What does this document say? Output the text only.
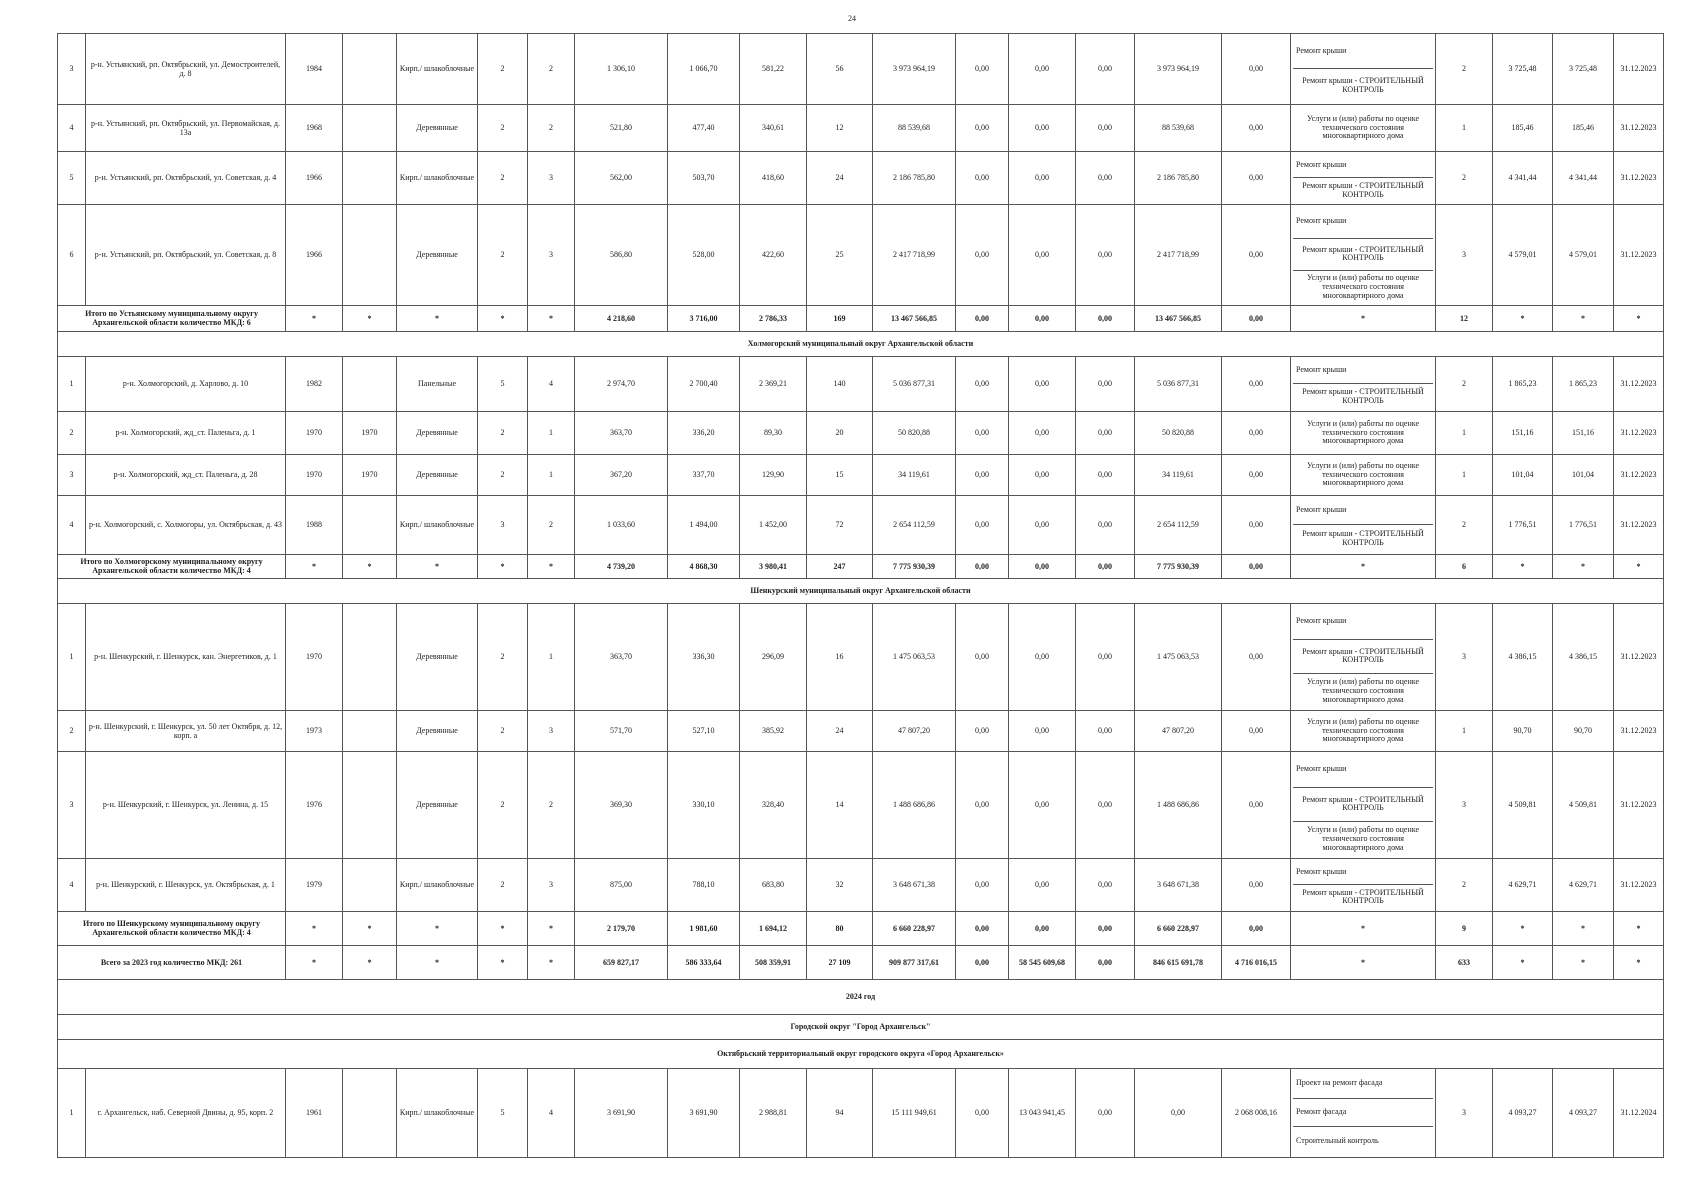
24
3	р-н. Устьянский, рп. Октябрьский, ул. Демостроителей, д. 8	1984		Кирп./ шлакоблочные	2	2	1 306,10	1 066,70	581,22	56	3 973 964,19	0,00	0,00	0,00	3 973 964,19	0,00	Ремонт крыши
Ремонт крыши - СТРОИТЕЛЬНЫЙ КОНТРОЛЬ	2	3 725,48	3 725,48	31.12.2023
4	р-н. Устьянский, рп. Октябрьский, ул. Первомайская, д. 13а	1968		Деревянные	2	2	521,80	477,40	340,61	12	88 539,68	0,00	0,00	0,00	88 539,68	0,00	Услуги и (или) работы по оценке технического состояния многоквартирного дома	1	185,46	185,46	31.12.2023
5	р-н. Устьянский, рп. Октябрьский, ул. Советская, д. 4	1966		Кирп./ шлакоблочные	2	3	562,00	503,70	418,60	24	2 186 785,80	0,00	0,00	0,00	2 186 785,80	0,00	Ремонт крыши
Ремонт крыши - СТРОИТЕЛЬНЫЙ КОНТРОЛЬ	2	4 341,44	4 341,44	31.12.2023
6	р-н. Устьянский, рп. Октябрьский, ул. Советская, д. 8	1966		Деревянные	2	3	586,80	528,00	422,60	25	2 417 718,99	0,00	0,00	0,00	2 417 718,99	0,00	Ремонт крыши
Ремонт крыши - СТРОИТЕЛЬНЫЙ КОНТРОЛЬ
Услуги и (или) работы по оценке технического состояния многоквартирного дома	3	4 579,01	4 579,01	31.12.2023
Итого по Устьянскому муниципальному округу Архангельской области количество МКД: 6		*	*	*	*	*	4 218,60	3 716,00	2 786,33	169	13 467 566,85	0,00	0,00	0,00	13 467 566,85	0,00	*	12	*	*	*
Холмогорский муниципальный округ Архангельской области																					
1	р-н. Холмогорский, д. Харлово, д. 10	1982		Панельные	5	4	2 974,70	2 700,40	2 369,21	140	5 036 877,31	0,00	0,00	0,00	5 036 877,31	0,00	Ремонт крыши
Ремонт крыши - СТРОИТЕЛЬНЫЙ КОНТРОЛЬ	2	1 865,23	1 865,23	31.12.2023
2	р-н. Холмогорский, жд_ст. Паленьга, д. 1	1970	1970	Деревянные	2	1	363,70	336,20	89,30	20	50 820,88	0,00	0,00	0,00	50 820,88	0,00	Услуги и (или) работы по оценке технического состояния многоквартирного дома	1	151,16	151,16	31.12.2023
3	р-н. Холмогорский, жд_ст. Паленьга, д. 28	1970	1970	Деревянные	2	1	367,20	337,70	129,90	15	34 119,61	0,00	0,00	0,00	34 119,61	0,00	Услуги и (или) работы по оценке технического состояния многоквартирного дома	1	101,04	101,04	31.12.2023
4	р-н. Холмогорский, с. Холмогоры, ул. Октябрьская, д. 43	1988		Кирп./ шлакоблочные	3	2	1 033,60	1 494,00	1 452,00	72	2 654 112,59	0,00	0,00	0,00	2 654 112,59	0,00	Ремонт крыши
Ремонт крыши - СТРОИТЕЛЬНЫЙ КОНТРОЛЬ	2	1 776,51	1 776,51	31.12.2023
Итого по Холмогорскому муниципальному округу Архангельской области количество МКД: 4		*	*	*	*	*	4 739,20	4 868,30	3 980,41	247	7 775 930,39	0,00	0,00	0,00	7 775 930,39	0,00	*	6	*	*	*
Шенкурский муниципальный округ Архангельской области																					
1	р-н. Шенкурский, г. Шенкурск, кан. Энергетиков, д. 1	1970		Деревянные	2	1	363,70	336,30	296,09	16	1 475 063,53	0,00	0,00	0,00	1 475 063,53	0,00	Ремонт крыши
Ремонт крыши - СТРОИТЕЛЬНЫЙ КОНТРОЛЬ
Услуги и (или) работы по оценке технического состояния многоквартирного дома	3	4 386,15	4 386,15	31.12.2023
2	р-н. Шенкурский, г. Шенкурск, ул. 50 лет Октября, д. 12, корп. а	1973		Деревянные	2	3	571,70	527,10	385,92	24	47 807,20	0,00	0,00	0,00	47 807,20	0,00	Услуги и (или) работы по оценке технического состояния многоквартирного дома	1	90,70	90,70	31.12.2023
3	р-н. Шенкурский, г. Шенкурск, ул. Ленина, д. 15	1976		Деревянные	2	2	369,30	330,10	328,40	14	1 488 686,86	0,00	0,00	0,00	1 488 686,86	0,00	Ремонт крыши
Ремонт крыши - СТРОИТЕЛЬНЫЙ КОНТРОЛЬ
Услуги и (или) работы по оценке технического состояния многоквартирного дома	3	4 509,81	4 509,81	31.12.2023
4	р-н. Шенкурский, г. Шенкурск, ул. Октябрьская, д. 1	1979		Кирп./ шлакоблочные	2	3	875,00	788,10	683,80	32	3 648 671,38	0,00	0,00	0,00	3 648 671,38	0,00	Ремонт крыши
Ремонт крыши - СТРОИТЕЛЬНЫЙ КОНТРОЛЬ	2	4 629,71	4 629,71	31.12.2023
Итого по Шенкурскому муниципальному округу Архангельской области количество МКД: 4		*	*	*	*	*	2 179,70	1 981,60	1 694,12	80	6 660 228,97	0,00	0,00	0,00	6 660 228,97	0,00	*	9	*	*	*
Всего за 2023 год количество МКД: 261		*	*	*	*	*	659 827,17	586 333,64	508 359,91	27 109	909 877 317,61	0,00	58 545 609,68	0,00	846 615 691,78	4 716 016,15	*	633	*	*	*
2024 год																					
Городской округ "Город Архангельск"																					
Октябрьский территориальный округ городского округа «Город Архангельск»																					
1	г. Архангельск, наб. Северной Двины, д. 95, корп. 2	1961		Кирп./ шлакоблочные	5	4	3 691,90	3 691,90	2 988,81	94	15 111 949,61	0,00	13 043 941,45	0,00	0,00	2 068 008,16	Проект на ремонт фасада
Ремонт фасада
Строительный контроль	3	4 093,27	4 093,27	31.12.2024
